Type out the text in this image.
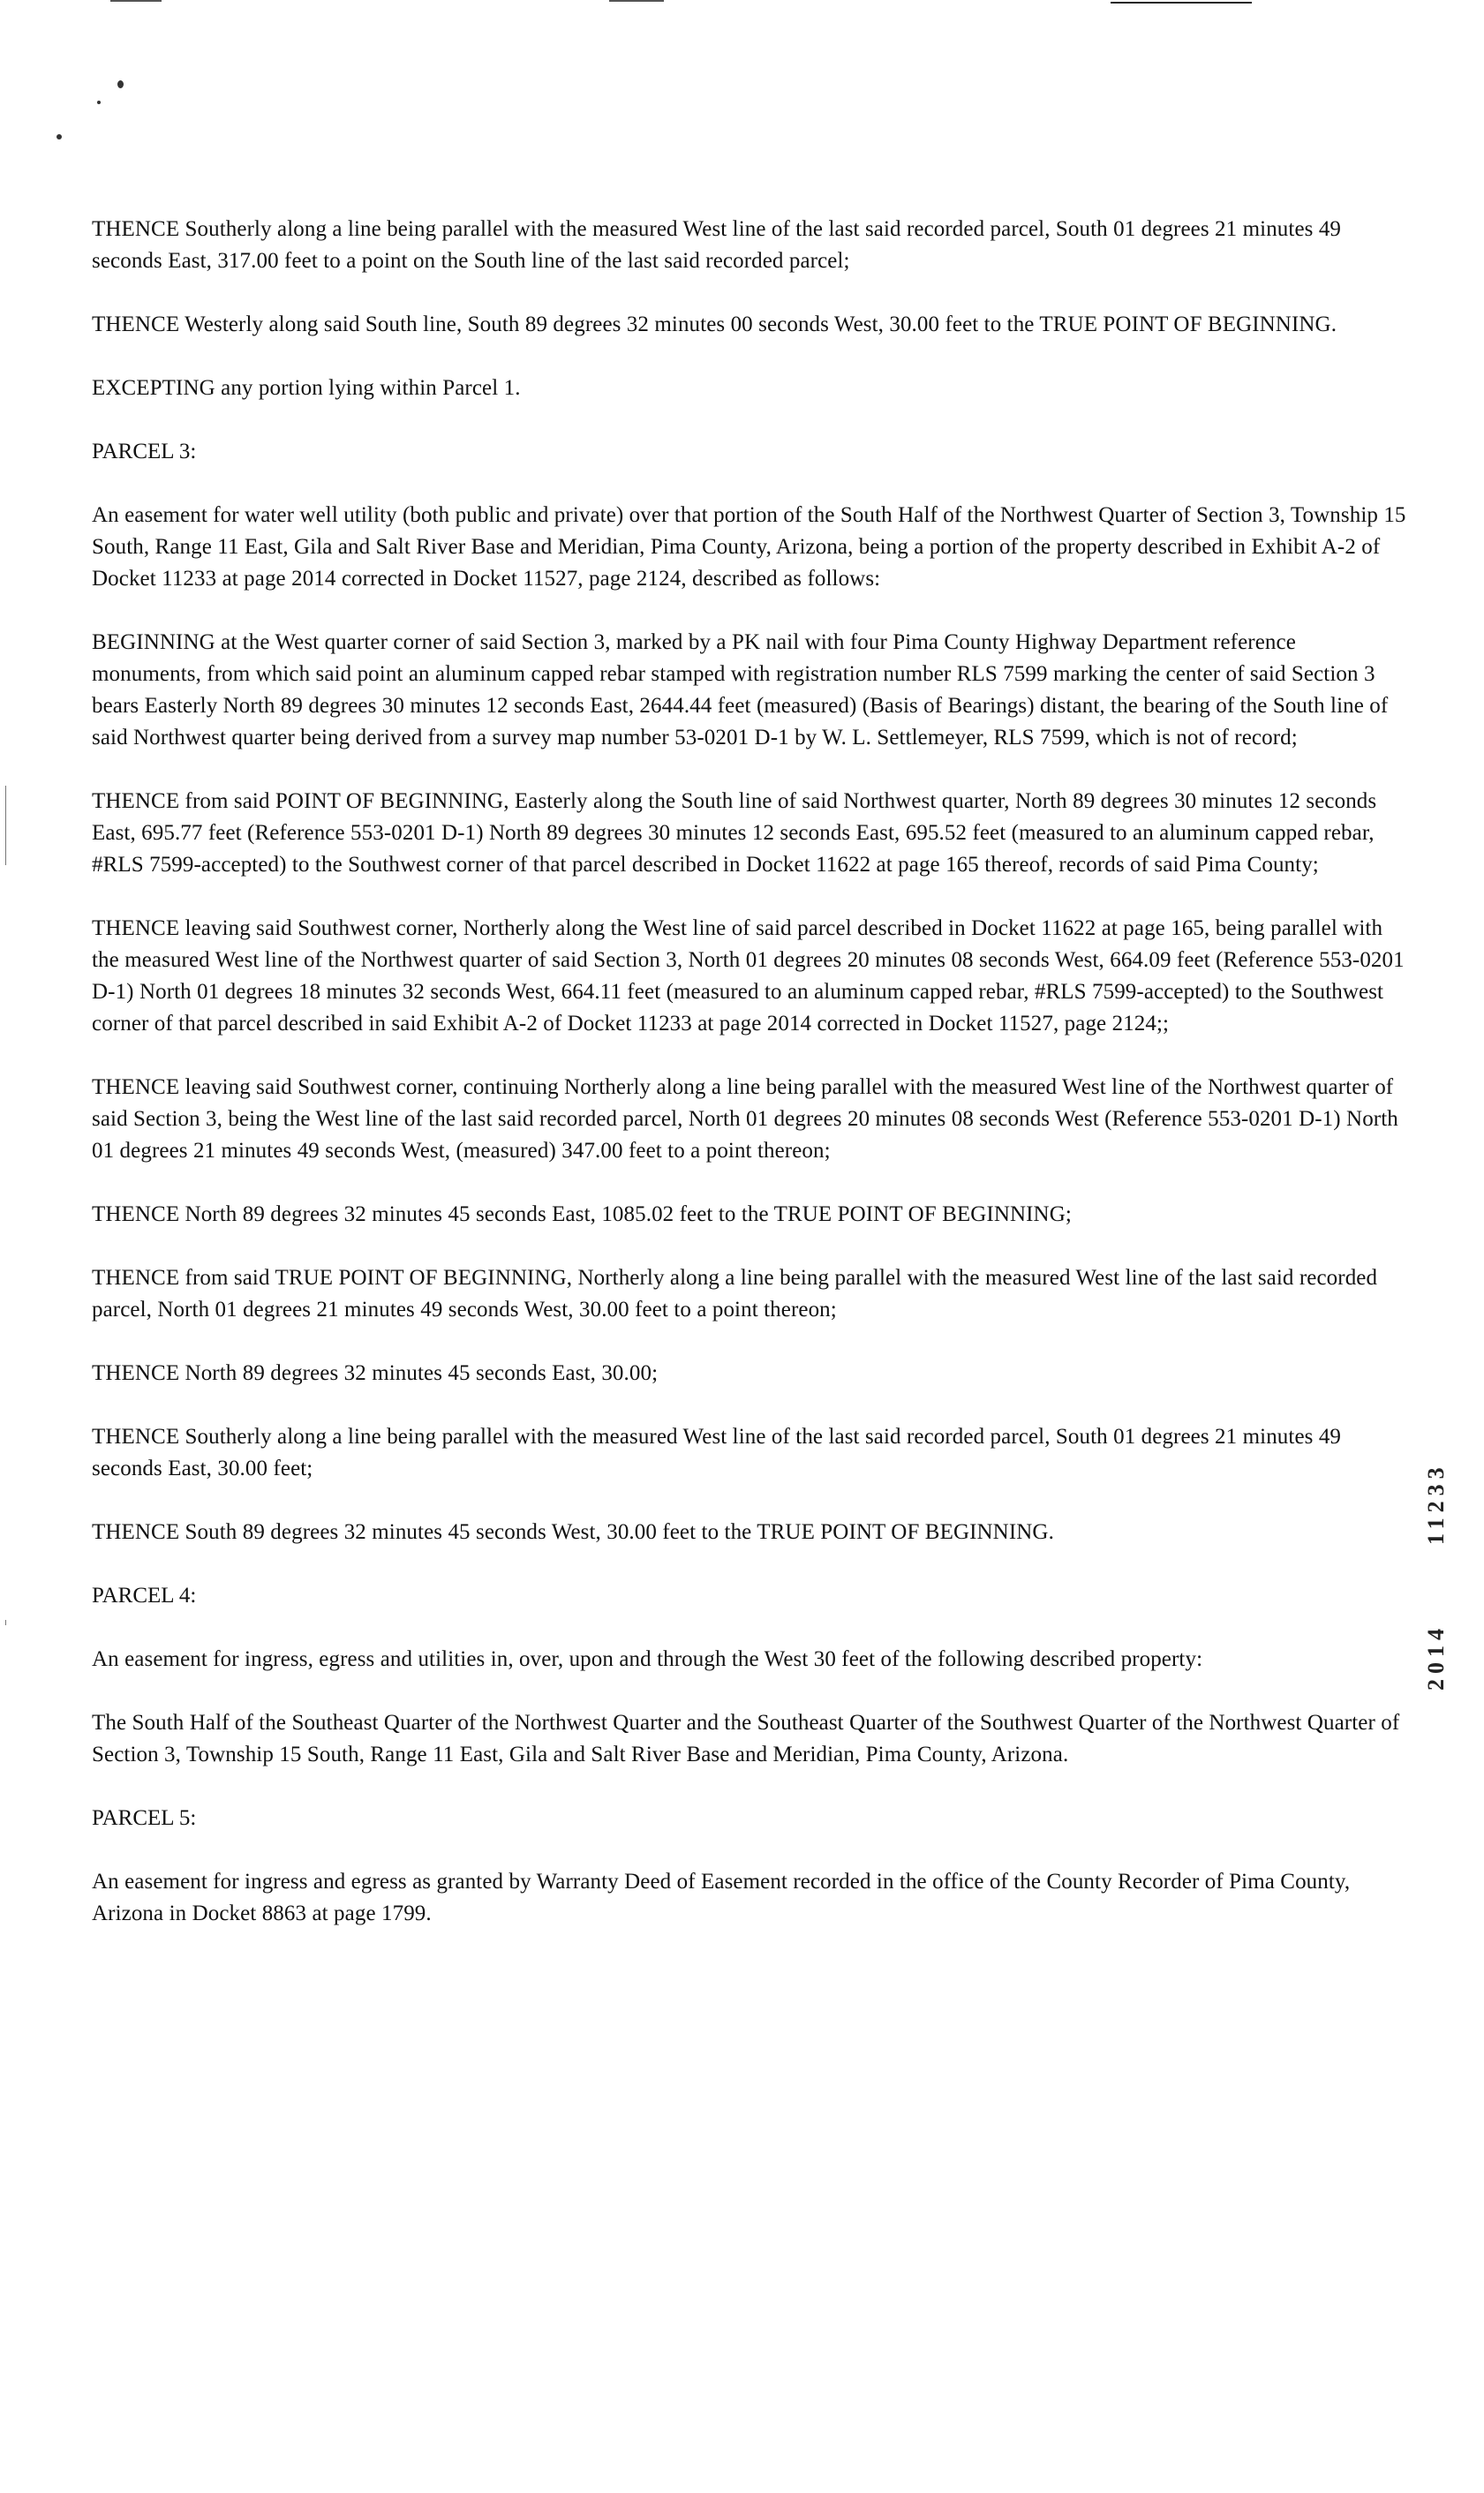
THENCE Southerly along a line being parallel with the measured West line of the last said recorded parcel, South 01 degrees 21 minutes 49 seconds East, 317.00 feet to a point on the South line of the last said recorded parcel;

THENCE Westerly along said South line, South 89 degrees 32 minutes 00 seconds West, 30.00 feet to the TRUE POINT OF BEGINNING.

EXCEPTING any portion lying within Parcel 1.

PARCEL 3:

An easement for water well utility (both public and private) over that portion of the South Half of the Northwest Quarter of Section 3, Township 15 South, Range 11 East, Gila and Salt River Base and Meridian, Pima County, Arizona, being a portion of the property described in Exhibit A-2 of Docket 11233 at page 2014 corrected in Docket 11527, page 2124, described as follows:

BEGINNING at the West quarter corner of said Section 3, marked by a PK nail with four Pima County Highway Department reference monuments, from which said point an aluminum capped rebar stamped with registration number RLS 7599 marking the center of said Section 3 bears Easterly North 89 degrees 30 minutes 12 seconds East, 2644.44 feet (measured) (Basis of Bearings) distant, the bearing of the South line of said Northwest quarter being derived from a survey map number 53-0201 D-1 by W. L. Settlemeyer, RLS 7599, which is not of record;

THENCE from said POINT OF BEGINNING, Easterly along the South line of said Northwest quarter, North 89 degrees 30 minutes 12 seconds East, 695.77 feet (Reference 553-0201 D-1) North 89 degrees 30 minutes 12 seconds East, 695.52 feet (measured to an aluminum capped rebar, #RLS 7599-accepted) to the Southwest corner of that parcel described in Docket 11622 at page 165 thereof, records of said Pima County;

THENCE leaving said Southwest corner, Northerly along the West line of said parcel described in Docket 11622 at page 165, being parallel with the measured West line of the Northwest quarter of said Section 3, North 01 degrees 20 minutes 08 seconds West, 664.09 feet (Reference 553-0201 D-1) North 01 degrees 18 minutes 32 seconds West, 664.11 feet (measured to an aluminum capped rebar, #RLS 7599-accepted) to the Southwest corner of that parcel described in said Exhibit A-2 of Docket 11233 at page 2014 corrected in Docket 11527, page 2124;;

THENCE leaving said Southwest corner, continuing Northerly along a line being parallel with the measured West line of the Northwest quarter of said Section 3, being the West line of the last said recorded parcel, North 01 degrees 20 minutes 08 seconds West (Reference 553-0201 D-1) North 01 degrees 21 minutes 49 seconds West, (measured) 347.00 feet to a point thereon;

THENCE North 89 degrees 32 minutes 45 seconds East, 1085.02 feet to the TRUE POINT OF BEGINNING;

THENCE from said TRUE POINT OF BEGINNING, Northerly along a line being parallel with the measured West line of the last said recorded parcel, North 01 degrees 21 minutes 49 seconds West, 30.00 feet to a point thereon;

THENCE North 89 degrees 32 minutes 45 seconds East, 30.00;

THENCE Southerly along a line being parallel with the measured West line of the last said recorded parcel, South 01 degrees 21 minutes 49 seconds East, 30.00 feet;

THENCE South 89 degrees 32 minutes 45 seconds West, 30.00 feet to the TRUE POINT OF BEGINNING.

PARCEL 4:

An easement for ingress, egress and utilities in, over, upon and through the West 30 feet of the following described property:

The South Half of the Southeast Quarter of the Northwest Quarter and the Southeast Quarter of the Southwest Quarter of the Northwest Quarter of Section 3, Township 15 South, Range 11 East, Gila and Salt River Base and Meridian, Pima County, Arizona.

PARCEL 5:

An easement for ingress and egress as granted by Warranty Deed of Easement recorded in the office of the County Recorder of Pima County, Arizona in Docket 8863 at page 1799.

11233
2014
